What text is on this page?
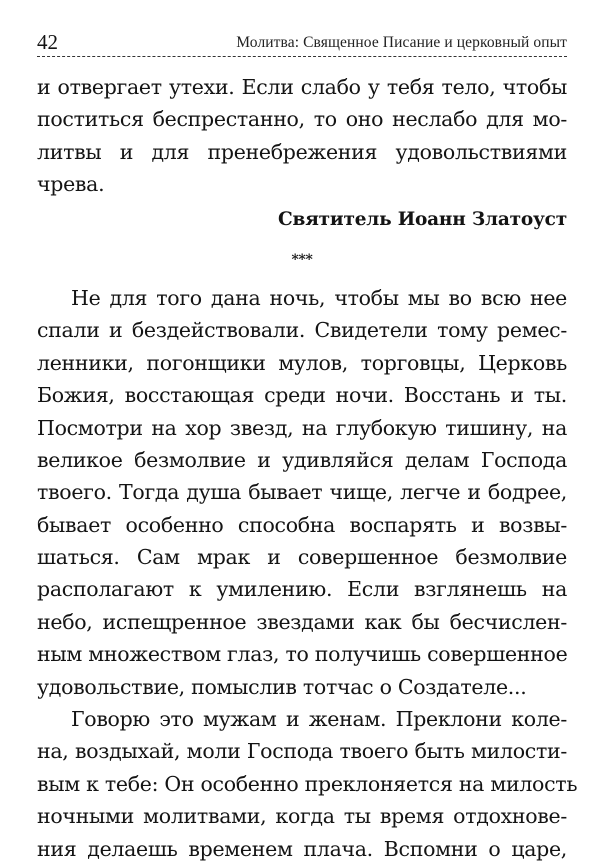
42	Молитва: Священное Писание и церковный опыт

и отвергает утехи. Если слабо у тебя тело, чтобы
поститься беспрестанно, то оно неслабо для мо-
литвы и для пренебрежения удовольствиями
чрева.

Святитель Иоанн Златоуст

***

Не для того дана ночь, чтобы мы во всю нее
спали и бездействовали. Свидетели тому ремес-
ленники, погонщики мулов, торговцы, Церковь
Божия, восстающая среди ночи. Восстань и ты.
Посмотри на хор звезд, на глубокую тишину, на
великое безмолвие и удивляйся делам Господа
твоего. Тогда душа бывает чище, легче и бодрее,
бывает особенно способна воспарять и возвы-
шаться. Сам мрак и совершенное безмолвие
располагают к умилению. Если взглянешь на
небо, испещренное звездами как бы бесчислен-
ным множеством глаз, то получишь совершенное
удовольствие, помыслив тотчас о Создателе...

Говорю это мужам и женам. Преклони коле-
на, воздыхай, моли Господа твоего быть милости-
вым к тебе: Он особенно преклоняется на милость
ночными молитвами, когда ты время отдохнове-
ния делаешь временем плача. Вспомни о царе,
